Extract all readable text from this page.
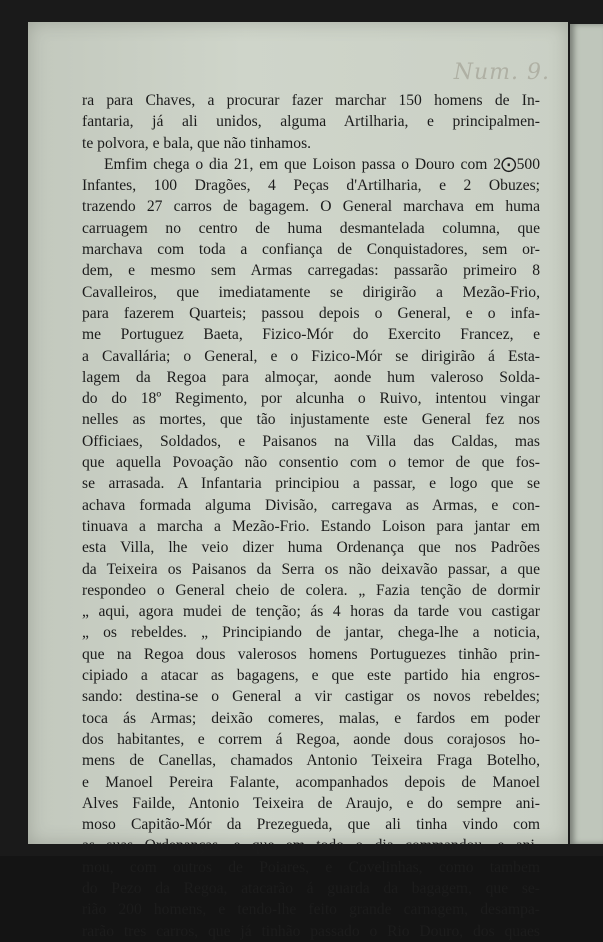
Num. 9.
ra para Chaves, a procurar fazer marchar 150 homens de In-
fantaria, já ali unidos, alguma Artilharia, e principalmen-
te polvora, e bala, que não tinhamos.
Emfim chega o dia 21, em que Loison passa o Douro com 2⨀500
Infantes, 100 Dragões, 4 Peças d'Artilharia, e 2 Obuzes;
trazendo 27 carros de bagagem. O General marchava em huma
carruagem no centro de huma desmantelada columna, que
marchava com toda a confiança de Conquistadores, sem or-
dem, e mesmo sem Armas carregadas: passarão primeiro 8
Cavalleiros, que imediatamente se dirigirão a Mezão-Frio,
para fazerem Quarteis; passou depois o General, e o infa-
me Portuguez Baeta, Fizico-Mór do Exercito Francez, e
a Cavallária; o General, e o Fizico-Mór se dirigirão á Esta-
lagem da Regoa para almoçar, aonde hum valeroso Solda-
do do 18º Regimento, por alcunha o Ruivo, intentou vingar
nelles as mortes, que tão injustamente este General fez nos
Officiaes, Soldados, e Paisanos na Villa das Caldas, mas
que aquella Povoação não consentio com o temor de que fos-
se arrasada. A Infantaria principiou a passar, e logo que se
achava formada alguma Divisão, carregava as Armas, e con-
tinuava a marcha a Mezão-Frio. Estando Loison para jantar em
esta Villa, lhe veio dizer huma Ordenança que nos Padrões
da Teixeira os Paisanos da Serra os não deixavão passar, a que
respondeo o General cheio de colera. „ Fazia tenção de dormir
„ aqui, agora mudei de tenção; ás 4 horas da tarde vou castigar
„ os rebeldes. „ Principiando de jantar, chega-lhe a noticia,
que na Regoa dous valerosos homens Portuguezes tinhão prin-
cipiado a atacar as bagagens, e que este partido hia engros-
sando: destina-se o General a vir castigar os novos rebeldes;
toca ás Armas; deixão comeres, malas, e fardos em poder
dos habitantes, e correm á Regoa, aonde dous corajosos ho-
mens de Canellas, chamados Antonio Teixeira Fraga Botelho,
e Manoel Pereira Falante, acompanhados depois de Manoel
Alves Failde, Antonio Teixeira de Araujo, e do sempre ani-
moso Capitão-Mór da Prezegueda, que ali tinha vindo com
as suas Ordenanças, e que em todo o dia commandou, e ani-
mou, com outros de Poiares, e Covelinhas, como tambem
do Pezo da Regoa, atacarão á guarda da bagagem, que se-
rião 200 homens, e tendo-lhe feito grande carnagem, desampa-
rarão tres carros, que já tinhão passado o Rio Douro, dos quaes
